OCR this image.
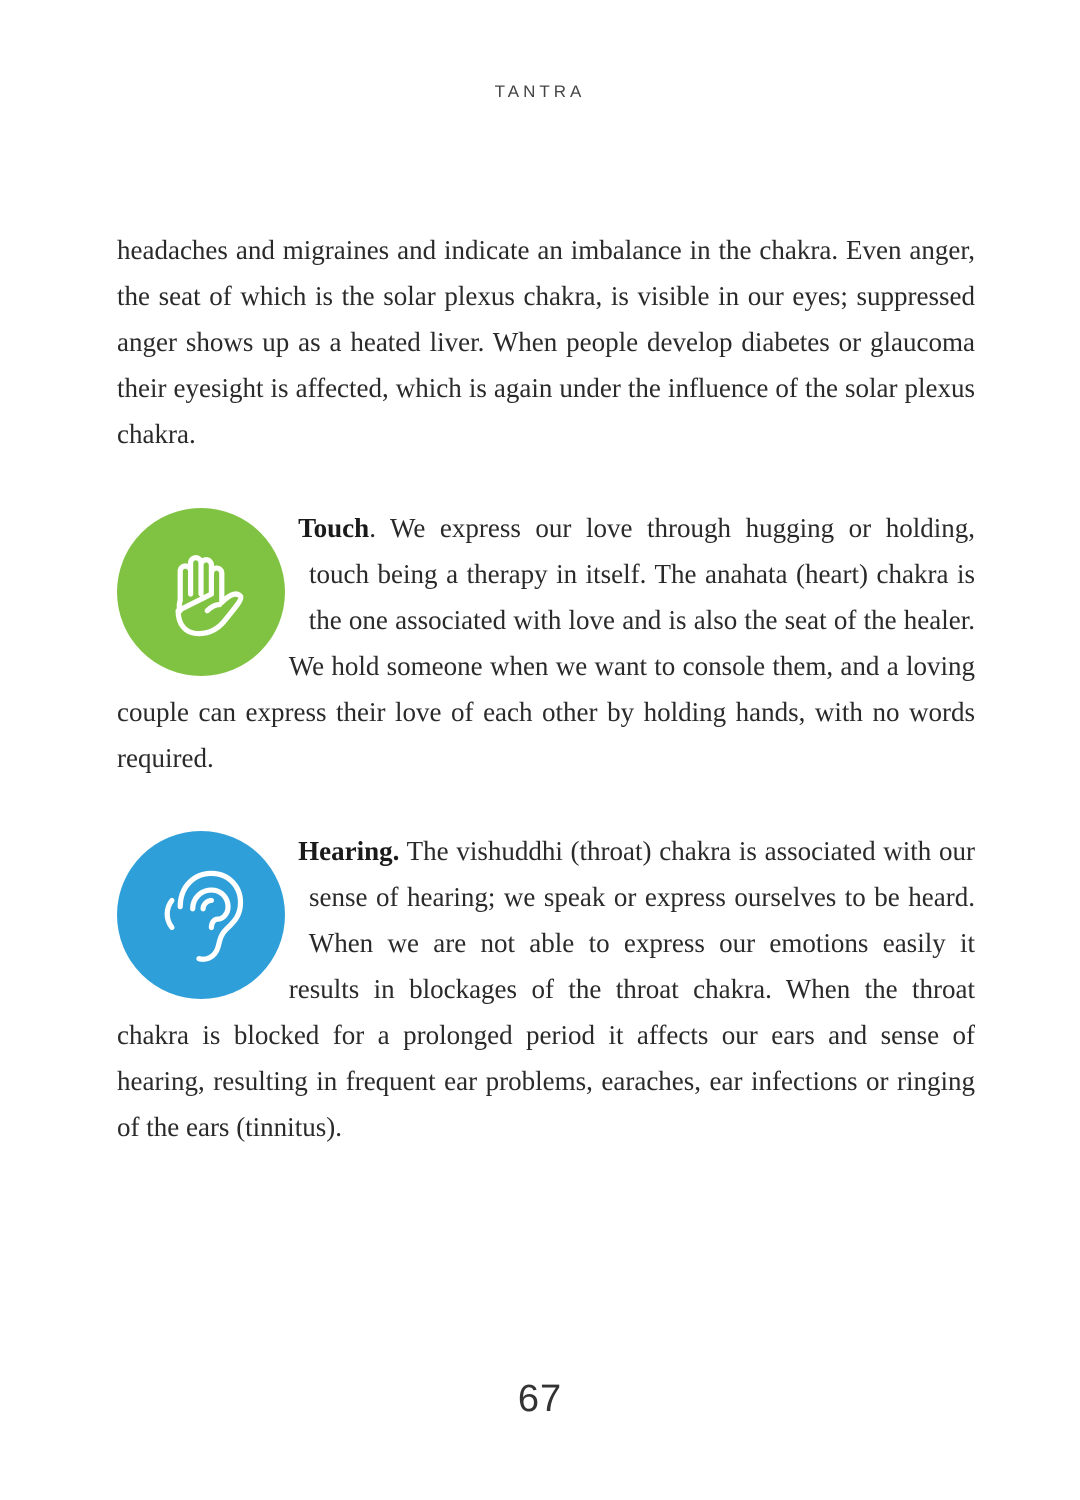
TANTRA

headaches and migraines and indicate an imbalance in the chakra. Even anger, the seat of which is the solar plexus chakra, is visible in our eyes; suppressed anger shows up as a heated liver. When people develop diabetes or glaucoma their eyesight is affected, which is again under the influence of the solar plexus chakra.

Touch. We express our love through hugging or holding, touch being a therapy in itself. The anahata (heart) chakra is the one associated with love and is also the seat of the healer. We hold someone when we want to console them, and a loving couple can express their love of each other by holding hands, with no words required.

Hearing. The vishuddhi (throat) chakra is associated with our sense of hearing; we speak or express ourselves to be heard. When we are not able to express our emotions easily it results in blockages of the throat chakra. When the throat chakra is blocked for a prolonged period it affects our ears and sense of hearing, resulting in frequent ear problems, earaches, ear infections or ringing of the ears (tinnitus).

67
